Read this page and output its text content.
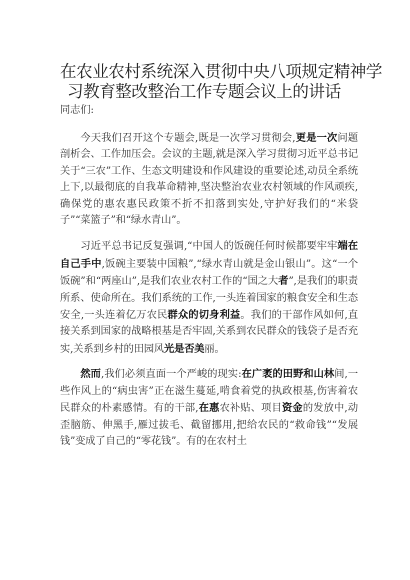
在农业农村系统深入贯彻中央八项规定精神学
习教育整改整治工作专题会议上的讲话

同志们:

今天我们召开这个专题会,既是一次学习贯彻会,更是一次问题剖析会、工作加压会。会议的主题,就是深入学习贯彻习近平总书记关于“三农”工作、生态文明建设和作风建设的重要论述,动员全系统上下,以最彻底的自我革命精神,坚决整治农业农村领域的作风顽疾,确保党的惠农惠民政策不折不扣落到实处,守护好我们的“米袋子”“菜篮子”和“绿水青山”。

习近平总书记反复强调,“中国人的饭碗任何时候都要牢牢端在自己手中,饭碗主要装中国粮”,“绿水青山就是金山银山”。这“一个饭碗”和“两座山”,是我们农业农村工作的“国之大者”,是我们的职责所系、使命所在。我们系统的工作,一头连着国家的粮食安全和生态安全,一头连着亿万农民群众的切身利益。我们的干部作风如何,直接关系到国家的战略根基是否牢固,关系到农民群众的钱袋子是否充实,关系到乡村的田园风光是否美丽。

然而,我们必须直面一个严峻的现实:在广袤的田野和山林间,一些作风上的“病虫害”正在滋生蔓延,啃食着党的执政根基,伤害着农民群众的朴素感情。有的干部,在惠农补贴、项目资金的发放中,动歪脑筋、伸黑手,雁过拔毛、截留挪用,把给农民的“救命钱”“发展钱”变成了自己的“零花钱”。有的在农村土
